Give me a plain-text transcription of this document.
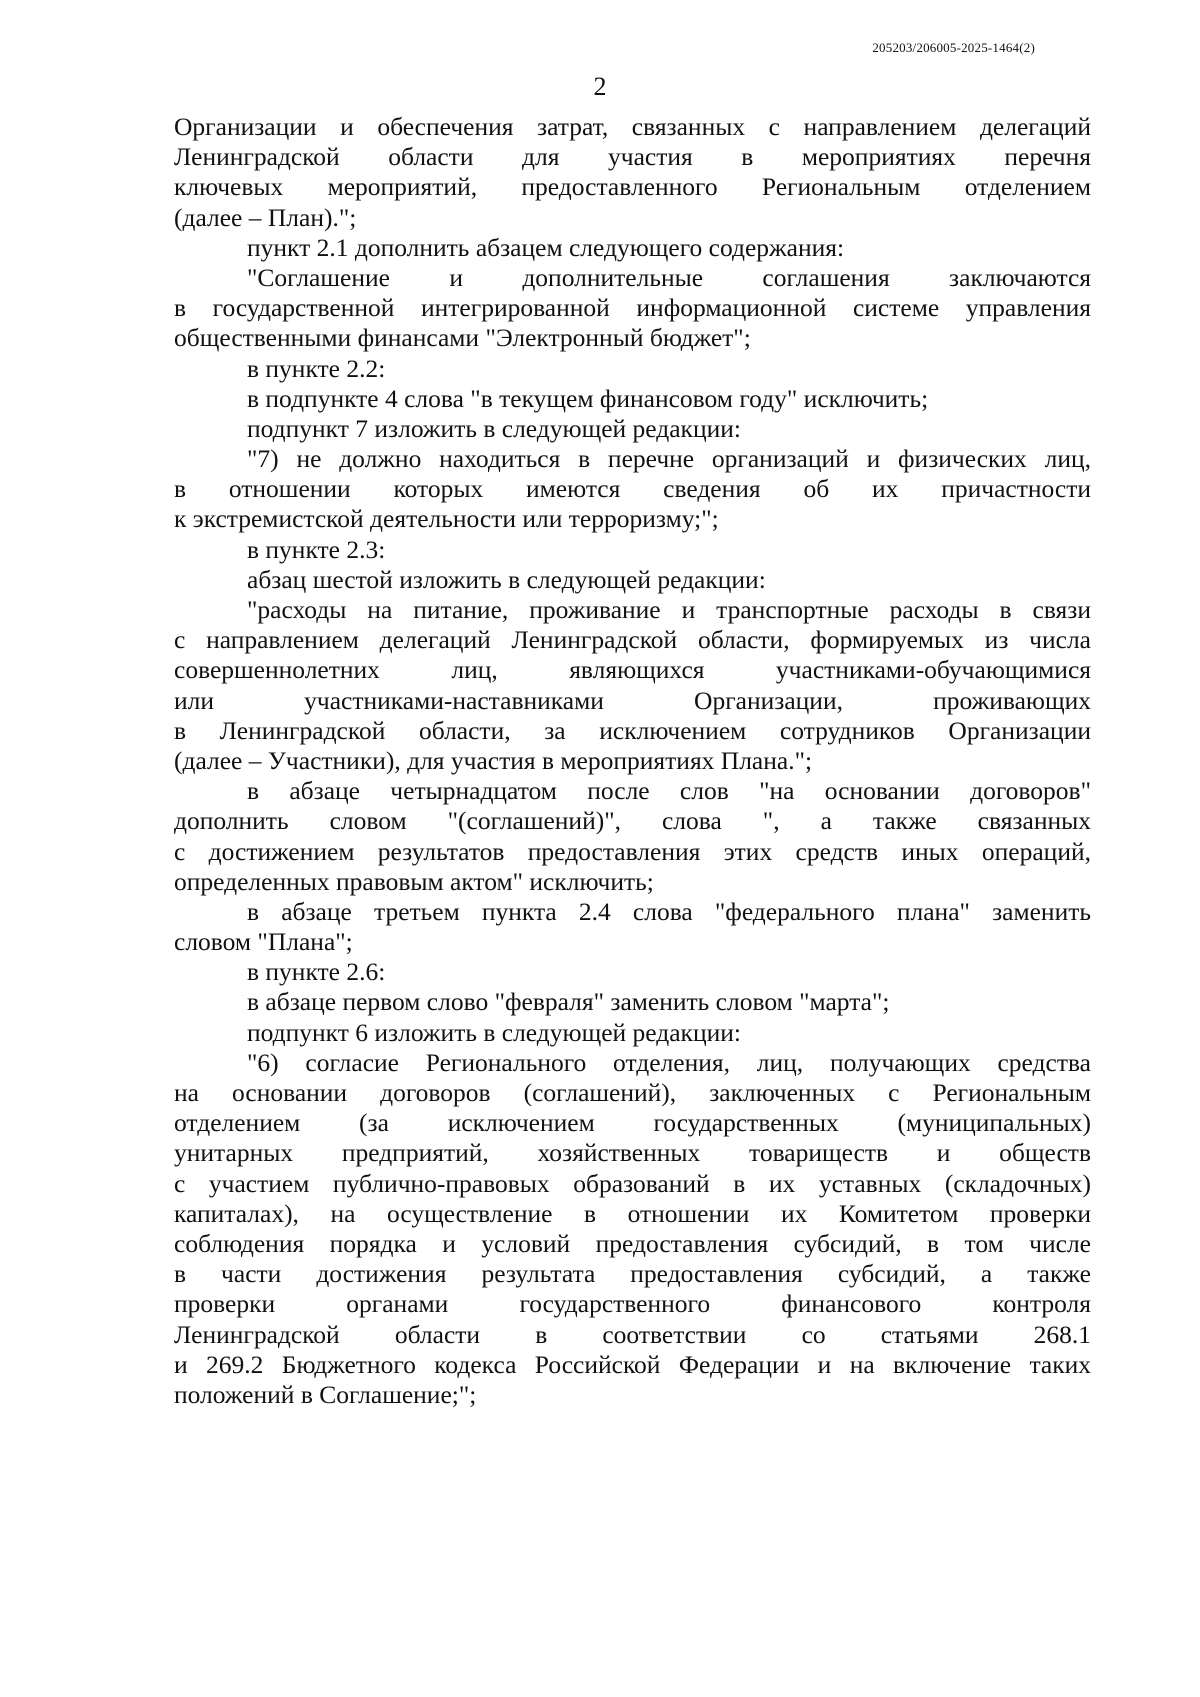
205203/206005-2025-1464(2)
2
Организации и обеспечения затрат, связанных с направлением делегаций
Ленинградской области для участия в мероприятиях перечня
ключевых мероприятий, предоставленного Региональным отделением
(далее – План).";
пункт 2.1 дополнить абзацем следующего содержания:
"Соглашение и дополнительные соглашения заключаются
в государственной интегрированной информационной системе управления
общественными финансами "Электронный бюджет";
в пункте 2.2:
в подпункте 4 слова "в текущем финансовом году" исключить;
подпункт 7 изложить в следующей редакции:
"7) не должно находиться в перечне организаций и физических лиц,
в отношении которых имеются сведения об их причастности
к экстремистской деятельности или терроризму;";
в пункте 2.3:
абзац шестой изложить в следующей редакции:
"расходы на питание, проживание и транспортные расходы в связи
с направлением делегаций Ленинградской области, формируемых из числа
совершеннолетних лиц, являющихся участниками-обучающимися
или участниками-наставниками Организации, проживающих
в Ленинградской области, за исключением сотрудников Организации
(далее – Участники), для участия в мероприятиях Плана.";
в абзаце четырнадцатом после слов "на основании договоров"
дополнить словом "(соглашений)", слова ", а также связанных
с достижением результатов предоставления этих средств иных операций,
определенных правовым актом" исключить;
в абзаце третьем пункта 2.4 слова "федерального плана" заменить
словом "Плана";
в пункте 2.6:
в абзаце первом слово "февраля" заменить словом "марта";
подпункт 6 изложить в следующей редакции:
"6) согласие Регионального отделения, лиц, получающих средства
на основании договоров (соглашений), заключенных с Региональным
отделением (за исключением государственных (муниципальных)
унитарных предприятий, хозяйственных товариществ и обществ
с участием публично-правовых образований в их уставных (складочных)
капиталах), на осуществление в отношении их Комитетом проверки
соблюдения порядка и условий предоставления субсидий, в том числе
в части достижения результата предоставления субсидий, а также
проверки органами государственного финансового контроля
Ленинградской области в соответствии со статьями 268.1
и 269.2 Бюджетного кодекса Российской Федерации и на включение таких
положений в Соглашение;";
